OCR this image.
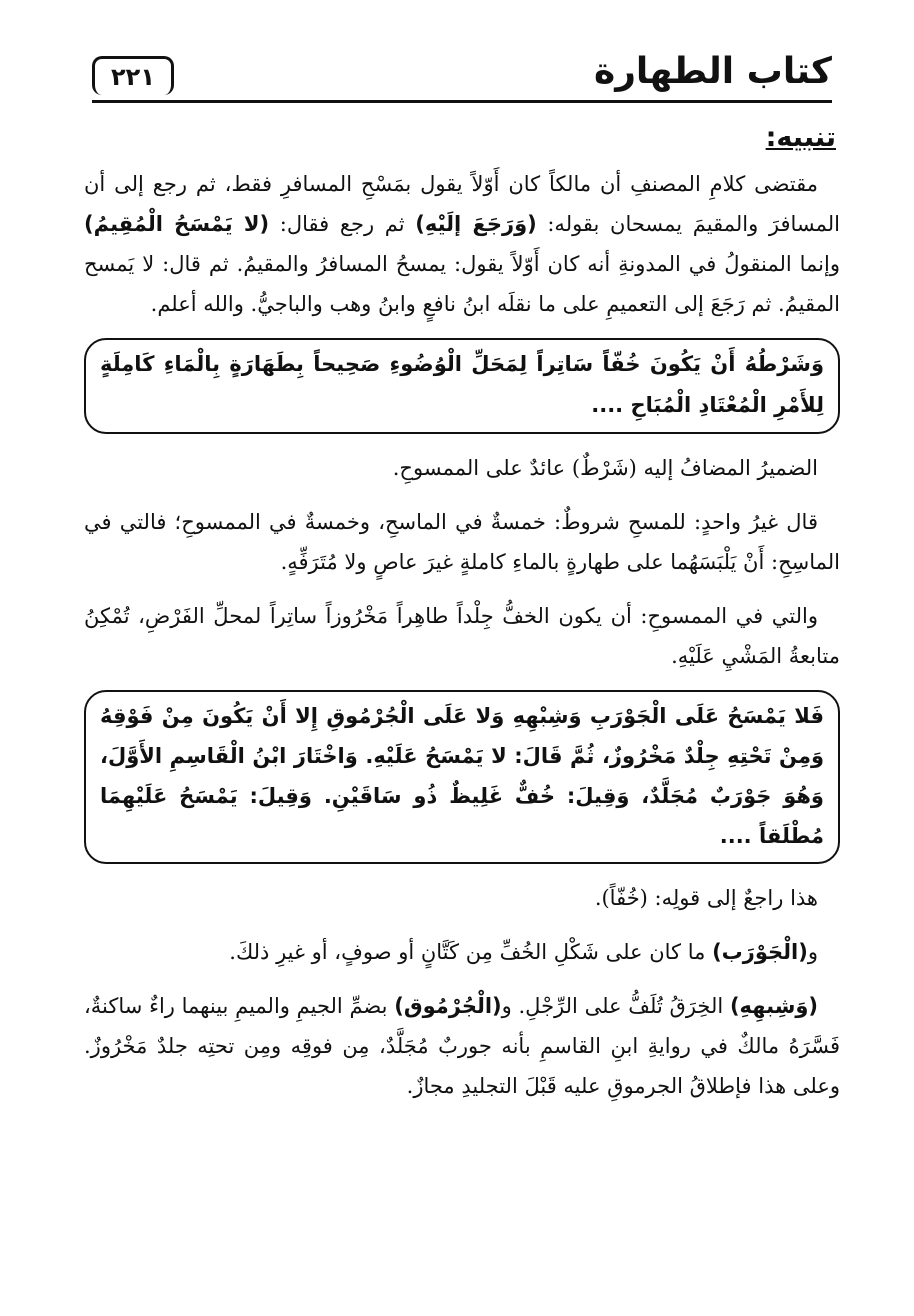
كتاب الطهارة
٢٢١
تنبيه:

مقتضى كلامِ المصنفِ أن مالكاً كان أَوّلاً يقول بمَسْحِ المسافرِ فقط، ثم رجع إلى أن المسافرَ والمقيمَ يمسحان بقوله: (وَرَجَعَ إلَيْهِ) ثم رجع فقال: (لا يَمْسَحُ الْمُقِيمُ) وإنما المنقولُ في المدونةِ أنه كان أَوّلاً يقول: يمسحُ المسافرُ والمقيمُ. ثم قال: لا يَمسح المقيمُ. ثم رَجَعَ إلى التعميمِ على ما نقلَه ابنُ نافعٍ وابنُ وهب والباجيُّ. والله أعلم.

وَشَرْطُهُ أَنْ يَكُونَ خُفّاً سَاتِراً لِمَحَلِّ الْوُضُوءِ صَحِيحاً بِطَهَارَةٍ بِالْمَاءِ كَامِلَةٍ لِلأَمْرِ الْمُعْتَادِ الْمُبَاحِ ....

الضميرُ المضافُ إليه (شَرْطٌ) عائدٌ على الممسوحِ.

قال غيرُ واحدٍ: للمسحِ شروطٌ: خمسةٌ في الماسحِ، وخمسةٌ في الممسوحِ؛ فالتي في الماسِحِ: أَنْ يَلْبَسَهُما على طهارةٍ بالماءِ كاملةٍ غيرَ عاصٍ ولا مُتَرَفِّهٍ.

والتي في الممسوحِ: أن يكون الخفُّ جِلْداً طاهِراً مَخْرُوزاً ساتِراً لمحلِّ الفَرْضِ، تُمْكِنُ متابعةُ المَشْيِ عَلَيْهِ.

فَلا يَمْسَحُ عَلَى الْجَوْرَبِ وَشِبْهِهِ وَلا عَلَى الْجُرْمُوقِ إِلا أَنْ يَكُونَ مِنْ فَوْقِهُ وَمِنْ تَحْتِهِ جِلْدٌ مَخْرُوزٌ، ثُمَّ قَالَ: لا يَمْسَحُ عَلَيْهِ. وَاخْتَارَ ابْنُ الْقَاسِمِ الأَوَّلَ، وَهُوَ جَوْرَبٌ مُجَلَّدٌ، وَقِيلَ: خُفٌّ غَلِيظٌ ذُو سَاقَيْنِ. وَقِيلَ: يَمْسَحُ عَلَيْهِمَا مُطْلَقاً ....

هذا راجعٌ إلى قولِه: (خُفّاً).

و(الْجَوْرَب) ما كان على شَكْلِ الخُفِّ مِن كَتَّانٍ أو صوفٍ، أو غيرِ ذلكَ.

(وَشِبهِهِ) الخِرَقُ تُلَفُّ على الرِّجْلِ. و(الْجُرْمُوق) بضمِّ الجيمِ والميمِ بينهما راءٌ ساكنةٌ، فَسَّرَهُ مالكٌ في روايةِ ابنِ القاسمِ بأنه جوربٌ مُجَلَّدٌ، مِن فوقِه ومِن تحتِه جلدٌ مَخْرُوزٌ. وعلى هذا فإطلاقُ الجرموقِ عليه قَبْلَ التجليدِ مجازٌ.
